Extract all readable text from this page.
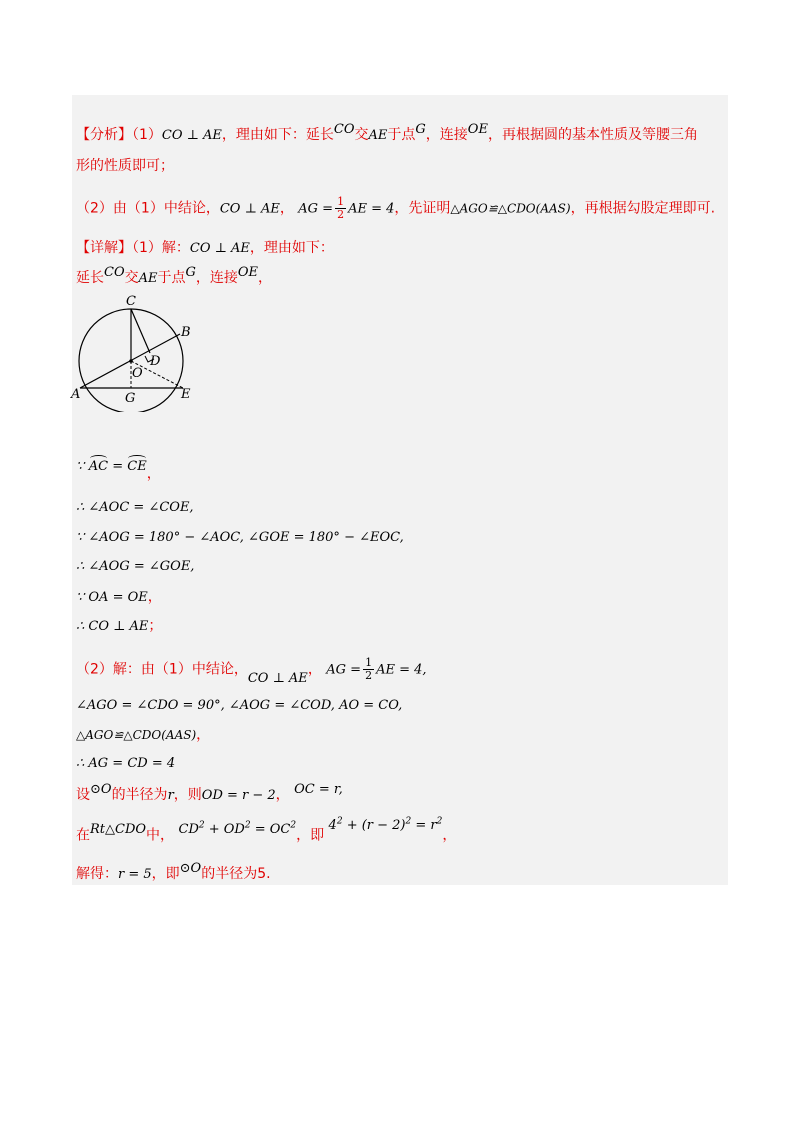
【分析】（1）CO ⊥ AE，理由如下：延长CO交AE于点G，连接OE，再根据圆的基本性质及等腰三角
形的性质即可；
（2）由（1）中结论，CO ⊥ AE， AG = $\frac{1}{2}$ AE = 4，先证明△AGO≌△CDO(AAS)，再根据勾股定理即可.
【详解】（1）解：CO ⊥ AE，理由如下：
延长CO交AE于点G，连接OE，
C
B
D
O
A	G	E
∵ AC = CE，
∴ ∠AOC = ∠COE,
∵ ∠AOG = 180° − ∠AOC, ∠GOE = 180° − ∠EOC,
∴ ∠AOG = ∠GOE,
∵ OA = OE，
∴ CO ⊥ AE；
（2）解：由（1）中结论，CO ⊥ AE， AG = $\frac{1}{2}$ AE = 4,
∠AGO = ∠CDO = 90°, ∠AOG = ∠COD, AO = CO,
△AGO≌△CDO(AAS)，
∴ AG = CD = 4
设⊙O的半径为r，则OD = r − 2， OC = r,
在Rt△CDO中， $CD^2 + OD^2 = OC^2$，即 $4^2 + (r - 2)^2 = r^2$，
解得：r = 5，即⊙O的半径为5.
